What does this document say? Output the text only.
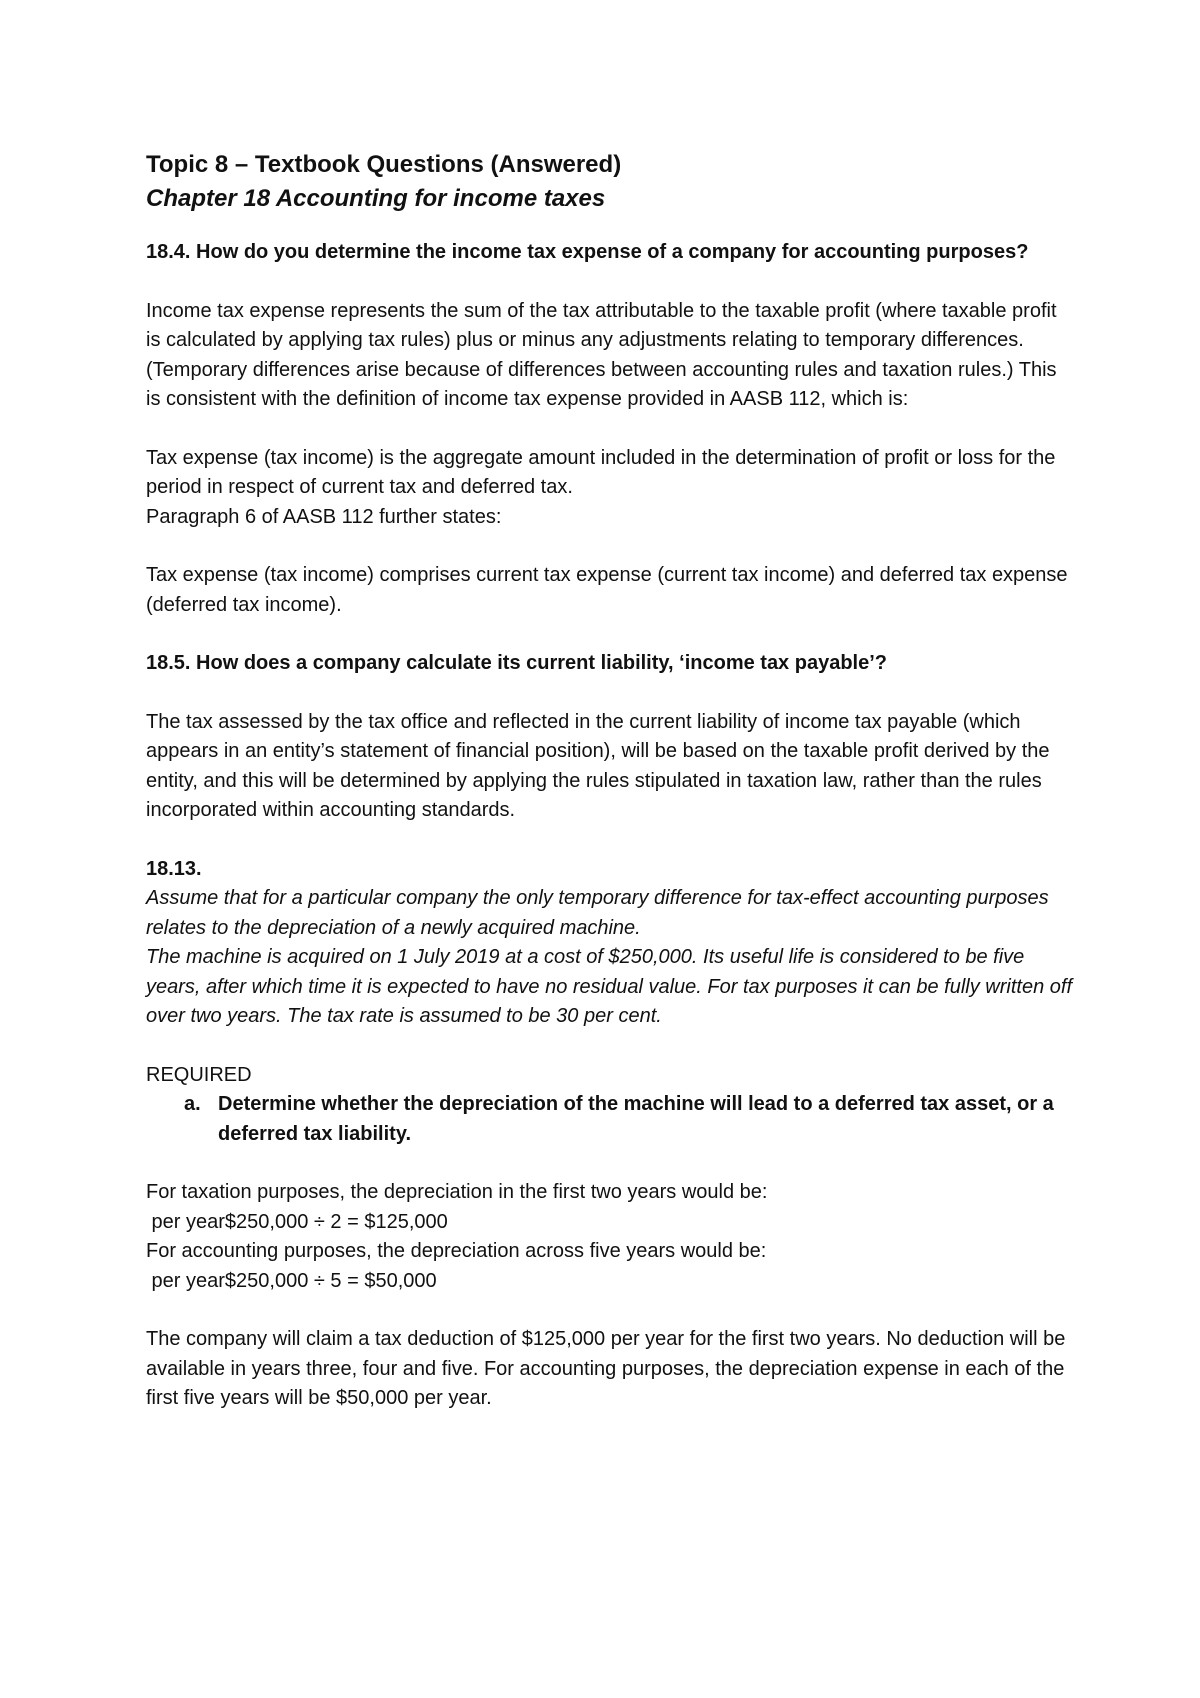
Topic 8 – Textbook Questions (Answered)
Chapter 18 Accounting for income taxes

18.4. How do you determine the income tax expense of a company for accounting purposes?

Income tax expense represents the sum of the tax attributable to the taxable profit (where taxable profit is calculated by applying tax rules) plus or minus any adjustments relating to temporary differences. (Temporary differences arise because of differences between accounting rules and taxation rules.) This is consistent with the definition of income tax expense provided in AASB 112, which is:

Tax expense (tax income) is the aggregate amount included in the determination of profit or loss for the period in respect of current tax and deferred tax.

Paragraph 6 of AASB 112 further states:

Tax expense (tax income) comprises current tax expense (current tax income) and deferred tax expense (deferred tax income).

18.5. How does a company calculate its current liability, ‘income tax payable’?

The tax assessed by the tax office and reflected in the current liability of income tax payable (which appears in an entity’s statement of financial position), will be based on the taxable profit derived by the entity, and this will be determined by applying the rules stipulated in taxation law, rather than the rules incorporated within accounting standards.

18.13.

Assume that for a particular company the only temporary difference for tax-effect accounting purposes relates to the depreciation of a newly acquired machine.

The machine is acquired on 1 July 2019 at a cost of $250,000. Its useful life is considered to be five years, after which time it is expected to have no residual value. For tax purposes it can be fully written off over two years. The tax rate is assumed to be 30 per cent.

REQUIRED

a. Determine whether the depreciation of the machine will lead to a deferred tax asset, or a deferred tax liability.

For taxation purposes, the depreciation in the first two years would be:

per year$250,000 ÷ 2 = $125,000

For accounting purposes, the depreciation across five years would be:

per year$250,000 ÷ 5 = $50,000

The company will claim a tax deduction of $125,000 per year for the first two years. No deduction will be available in years three, four and five. For accounting purposes, the depreciation expense in each of the first five years will be $50,000 per year.
